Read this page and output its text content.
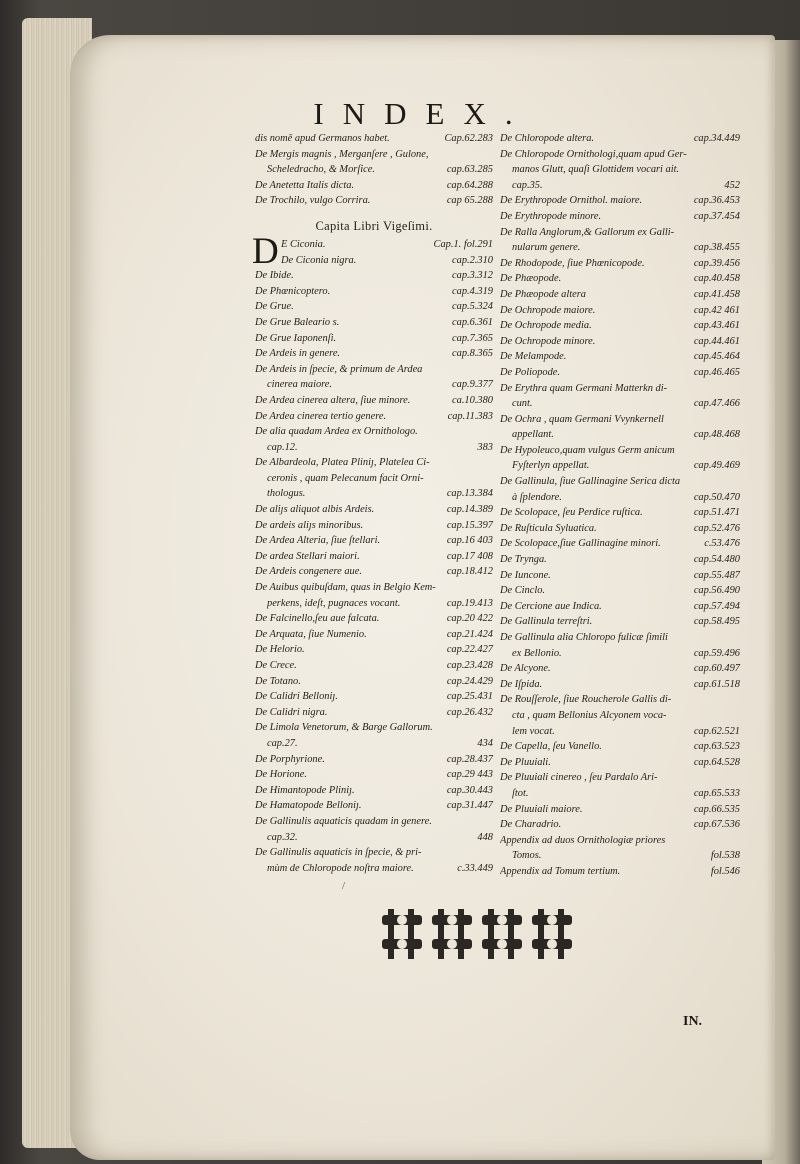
INDEX.
dis nomē apud Germanos habet.	Cap.62.283
De Mergis magnis , Merganſere , Gulone,
Scheledracho, & Morſice.	cap.63.285
De Anetetta Italis dicta.	cap.64.288
De Trochilo, vulgo Corrira.	cap 65.288
Capita Libri Vigeſimi.
D E Ciconia.	Cap.1. fol.291
De Ciconia nigra.	cap.2.310
De Ibide.	cap.3.312
De Phœnicoptero.	cap.4.319
De Grue.	cap.5.324
De Grue Baleario s.	cap.6.361
De Grue Iaponenſi.	cap.7.365
De Ardeis in genere.	cap.8.365
De Ardeis in ſpecie, & primum de Ardea
cinerea maiore.	cap.9.377
De Ardea cinerea altera, ſiue minore.	ca.10.380
De Ardea cinerea tertio genere.	cap.11.383
De alia quadam Ardea ex Ornithologo.
cap.12.	383
De Albardeola, Platea Pliniȷ, Platelea Ci-
ceronis , quam Pelecanum facit Orni-
thologus.	cap.13.384
De aliȷs aliquot albis Ardeis.	cap.14.389
De ardeis aliȷs minoribus.	cap.15.397
De Ardea Alteria, ſiue ſtellari.	cap.16 403
De ardea Stellari maiori.	cap.17 408
De Ardeis congenere aue.	cap.18.412
De Auibus quibuſdam, quas in Belgio Kem-
perkens, ideſt, pugnaces vocant.	cap.19.413
De Falcinello,ſeu aue falcata.	cap.20 422
De Arquata, ſiue Numenio.	cap.21.424
De Helorio.	cap.22.427
De Crece.	cap.23.428
De Totano.	cap.24.429
De Calidri Belloniȷ.	cap.25.431
De Calidri nigra.	cap.26.432
De Limola Venetorum, & Barge Gallorum.
cap.27.	434
De Porphyrione.	cap.28.437
De Horione.	cap.29 443
De Himantopode Pliniȷ.	cap.30.443
De Hamatopode Belloniȷ.	cap.31.447
De Gallinulis aquaticis quadam in genere.
cap.32.	448
De Gallinulis aquaticis in ſpecie, & pri-
mùm de Chloropode noſtra maiore.	c.33.449
De Chloropode altera.	cap.34.449
De Chloropode Ornithologi,quam apud Ger-
manos Glutt, quaſi Glottidem vocari ait.
cap.35.	452
De Erythropode Ornithol. maiore.	cap.36.453
De Erythropode minore.	cap.37.454
De Ralla Anglorum,& Gallorum ex Galli-
nularum genere.	cap.38.455
De Rhodopode, ſiue Phœnicopode.	cap.39.456
De Phæopode.	cap.40.458
De Phæopode altera	cap.41.458
De Ochropode maiore.	cap.42 461
De Ochropode media.	cap.43.461
De Ochropode minore.	cap.44.461
De Melampode.	cap.45.464
De Poliopode.	cap.46.465
De Erythra quam Germani Matterkn di-
cunt.	cap.47.466
De Ochra , quam Germani Vvynkernell
appellant.	cap.48.468
De Hypoleuco,quam vulgus Germ anicum
Fyſterlyn appellat.	cap.49.469
De Gallinula, ſiue Gallinagine Serica dicta
à ſplendore.	cap.50.470
De Scolopace, ſeu Perdice ruſtica.	cap.51.471
De Ruſticula Syluatica.	cap.52.476
De Scolopace,ſiue Gallinagine minori.	c.53.476
De Trynga.	cap.54.480
De Iuncone.	cap.55.487
De Cinclo.	cap.56.490
De Cercione aue Indica.	cap.57.494
De Gallinula terreſtri.	cap.58.495
De Gallinula alia Chloropo fulicæ ſimili
ex Bellonio.	cap.59.496
De Alcyone.	cap.60.497
De Iſpida.	cap.61.518
De Rouſſerole, ſiue Roucherole Gallis di-
cta , quam Bellonius Alcyonem voca-
lem vocat.	cap.62.521
De Capella, ſeu Vanello.	cap.63.523
De Pluuiali.	cap.64.528
De Pluuiali cinereo , ſeu Pardalo Ari-
ſtot.	cap.65.533
De Pluuiali maiore.	cap.66.535
De Charadrio.	cap.67.536
Appendix ad duos Ornithologiæ priores
Tomos.	fol.538
Appendix ad Tomum tertium.	fol.546
/
IN.
